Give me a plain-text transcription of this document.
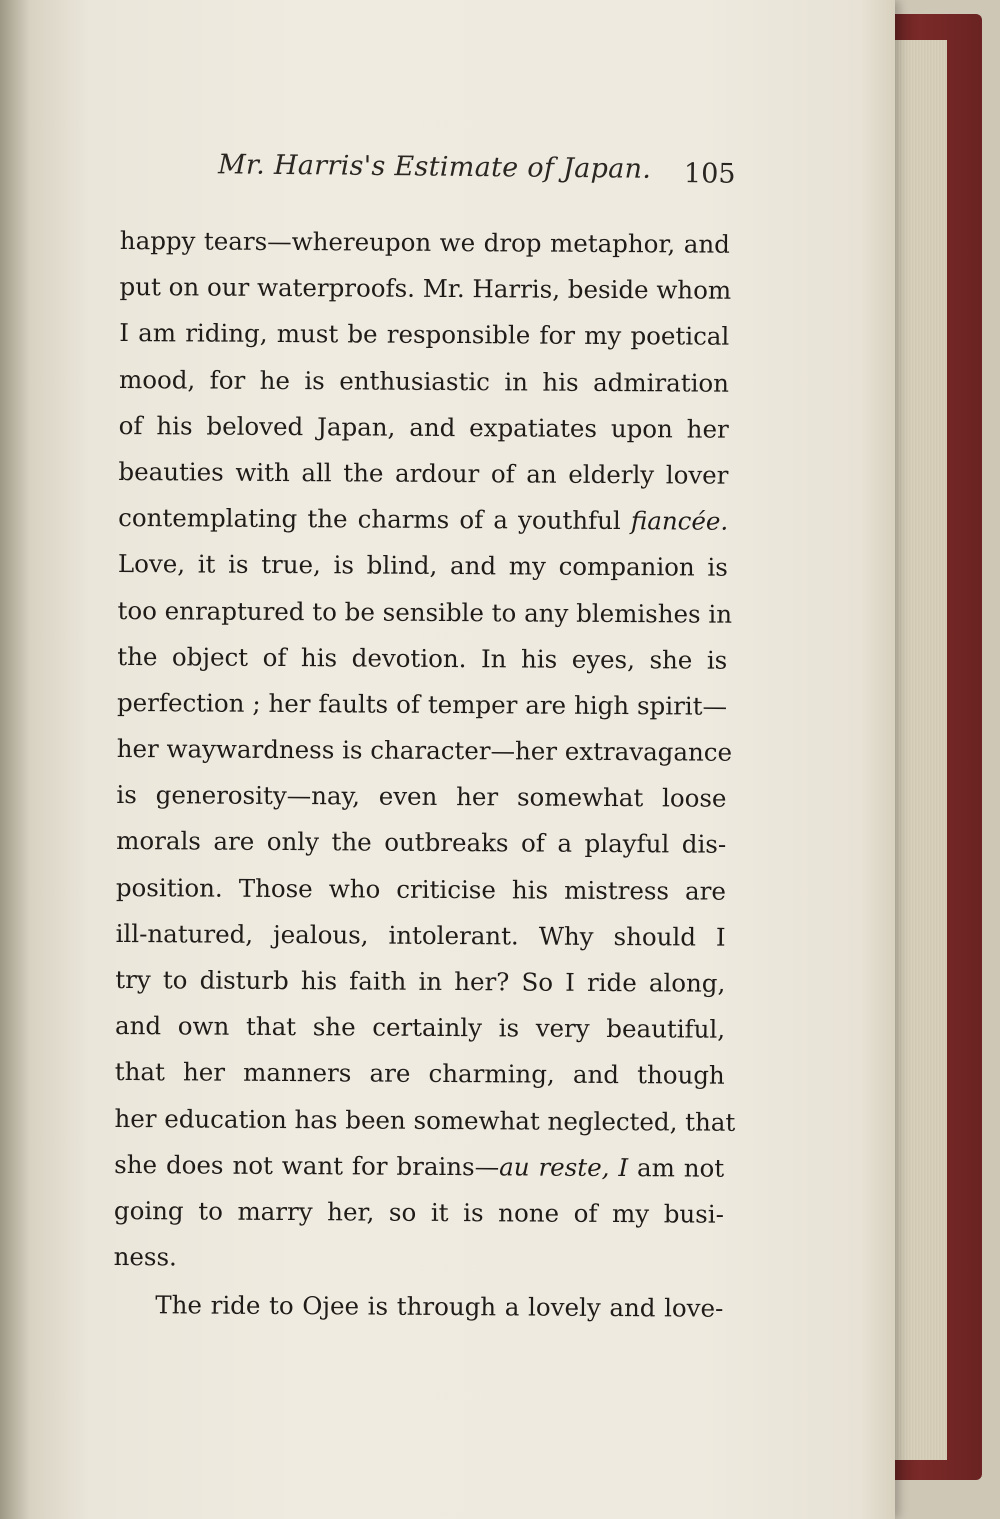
Mr. Harris's Estimate of Japan. 105
happy tears—whereupon we drop metaphor, and
put on our waterproofs. Mr. Harris, beside whom
I am riding, must be responsible for my poetical
mood, for he is enthusiastic in his admiration
of his beloved Japan, and expatiates upon her
beauties with all the ardour of an elderly lover
contemplating the charms of a youthful fiancée.
Love, it is true, is blind, and my companion is
too enraptured to be sensible to any blemishes in
the object of his devotion. In his eyes, she is
perfection ; her faults of temper are high spirit—
her waywardness is character—her extravagance
is generosity—nay, even her somewhat loose
morals are only the outbreaks of a playful dis-
position. Those who criticise his mistress are
ill-natured, jealous, intolerant. Why should I
try to disturb his faith in her? So I ride along,
and own that she certainly is very beautiful,
that her manners are charming, and though
her education has been somewhat neglected, that
she does not want for brains—au reste, I am not
going to marry her, so it is none of my busi-
ness.
The ride to Ojee is through a lovely and love-
